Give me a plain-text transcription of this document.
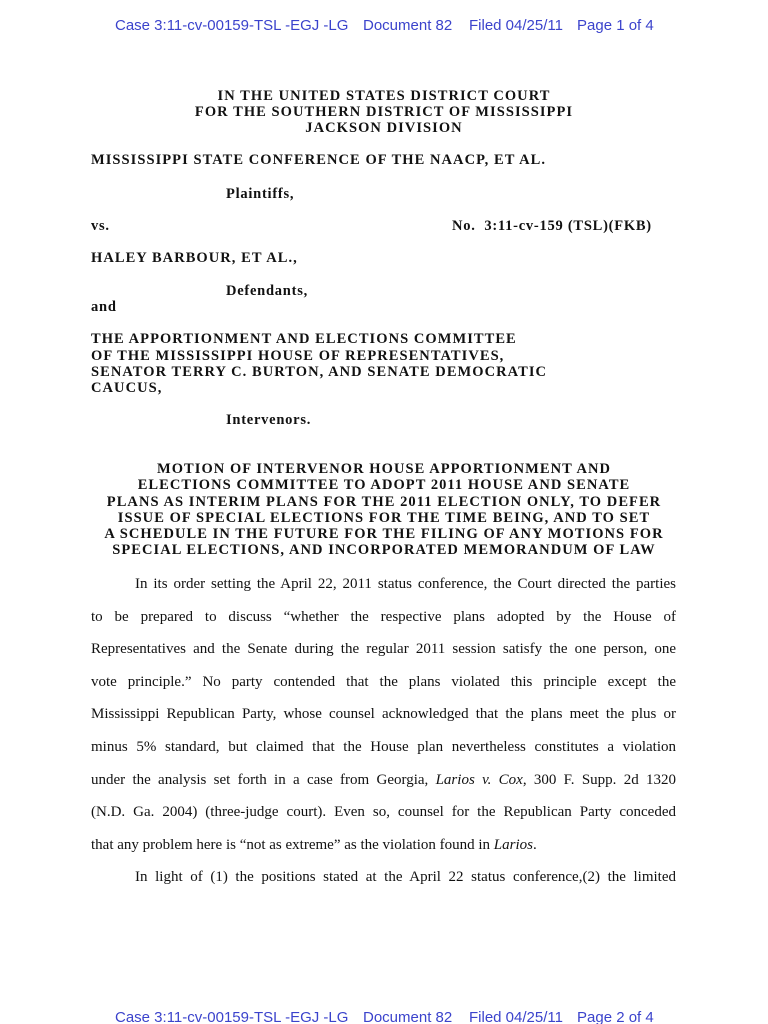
Case 3:11-cv-00159-TSL -EGJ -LG Document 82 Filed 04/25/11 Page 1 of 4
IN THE UNITED STATES DISTRICT COURT
FOR THE SOUTHERN DISTRICT OF MISSISSIPPI
JACKSON DIVISION
MISSISSIPPI STATE CONFERENCE OF THE NAACP, ET AL.
Plaintiffs,
vs.	No.  3:11-cv-159 (TSL)(FKB)
HALEY BARBOUR, ET AL.,
Defendants,
and
THE APPORTIONMENT AND ELECTIONS COMMITTEE
OF THE MISSISSIPPI HOUSE OF REPRESENTATIVES,
SENATOR TERRY C. BURTON, AND SENATE DEMOCRATIC
CAUCUS,
Intervenors.
MOTION OF INTERVENOR HOUSE APPORTIONMENT AND
ELECTIONS COMMITTEE TO ADOPT 2011 HOUSE AND SENATE
PLANS AS INTERIM PLANS FOR THE 2011 ELECTION ONLY, TO DEFER
ISSUE OF SPECIAL ELECTIONS FOR THE TIME BEING, AND TO SET
A SCHEDULE IN THE FUTURE FOR THE FILING OF ANY MOTIONS FOR
SPECIAL ELECTIONS, AND INCORPORATED MEMORANDUM OF LAW
In its order setting the April 22, 2011 status conference, the Court directed the parties
to be prepared to discuss “whether the respective plans adopted by the House of
Representatives and the Senate during the regular 2011 session satisfy the one person, one
vote principle.” No party contended that the plans violated this principle except the
Mississippi Republican Party, whose counsel acknowledged that the plans meet the plus or
minus 5% standard, but claimed that the House plan nevertheless constitutes a violation
under the analysis set forth in a case from Georgia, Larios v. Cox, 300 F. Supp. 2d 1320
(N.D. Ga. 2004) (three-judge court). Even so, counsel for the Republican Party conceded
that any problem here is “not as extreme” as the violation found in Larios.
In light of (1) the positions stated at the April 22 status conference,(2) the limited
Case 3:11-cv-00159-TSL -EGJ -LG Document 82 Filed 04/25/11 Page 2 of 4
